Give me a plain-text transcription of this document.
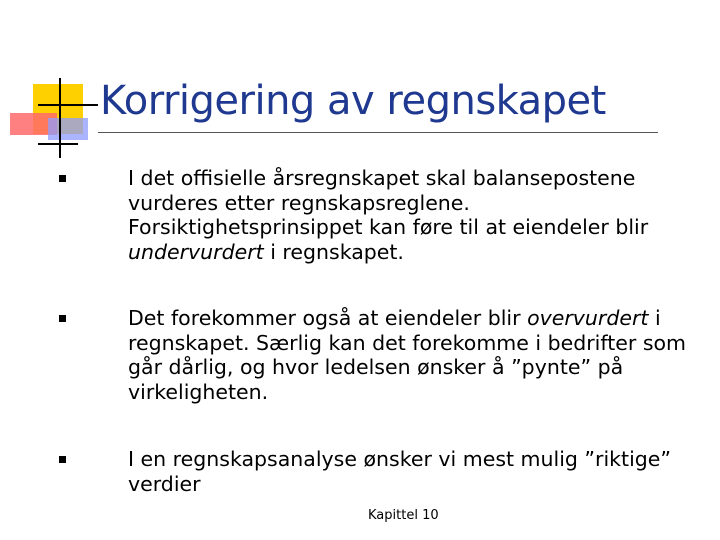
Korrigering av regnskapet
I det offisielle årsregnskapet skal balansepostene vurderes etter regnskapsreglene. Forsiktighetsprinsippet kan føre til at eiendeler blir undervurdert i regnskapet.
Det forekommer også at eiendeler blir overvurdert i regnskapet. Særlig kan det forekomme i bedrifter som går dårlig, og hvor ledelsen ønsker å ”pynte” på virkeligheten.
I en regnskapsanalyse ønsker vi mest mulig ”riktige” verdier
Kapittel 10
